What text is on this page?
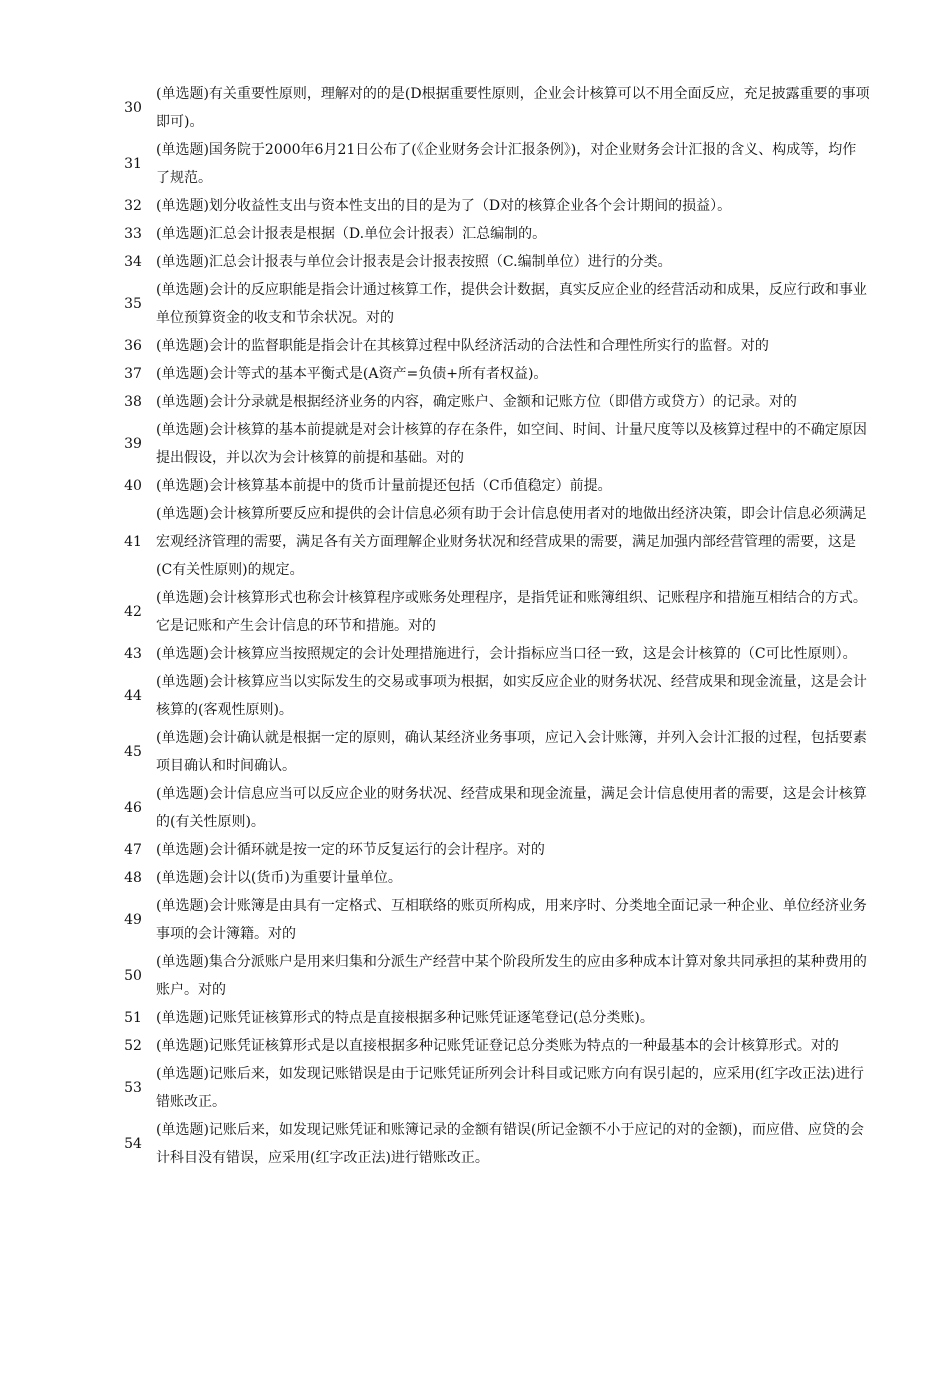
30
(单选题)有关重要性原则，理解对的的是(D根据重要性原则，企业会计核算可以不用全面反应，充足披露重要的事项即可)。
31
(单选题)国务院于2000年6月21日公布了(《企业财务会计汇报条例》)，对企业财务会计汇报的含义、构成等，均作了规范。
32	(单选题)划分收益性支出与资本性支出的目的是为了（D对的核算企业各个会计期间的损益）。
33	(单选题)汇总会计报表是根据（D.单位会计报表）汇总编制的。
34	(单选题)汇总会计报表与单位会计报表是会计报表按照（C.编制单位）进行的分类。
35
(单选题)会计的反应职能是指会计通过核算工作，提供会计数据，真实反应企业的经营活动和成果，反应行政和事业单位预算资金的收支和节余状况。对的
36	(单选题)会计的监督职能是指会计在其核算过程中队经济活动的合法性和合理性所实行的监督。对的
37	(单选题)会计等式的基本平衡式是(A资产=负债+所有者权益)。
38	(单选题)会计分录就是根据经济业务的内容，确定账户、金额和记账方位（即借方或贷方）的记录。对的
39
(单选题)会计核算的基本前提就是对会计核算的存在条件，如空间、时间、计量尺度等以及核算过程中的不确定原因提出假设，并以次为会计核算的前提和基础。对的
40	(单选题)会计核算基本前提中的货币计量前提还包括（C币值稳定）前提。
41
(单选题)会计核算所要反应和提供的会计信息必须有助于会计信息使用者对的地做出经济决策，即会计信息必须满足宏观经济管理的需要，满足各有关方面理解企业财务状况和经营成果的需要，满足加强内部经营管理的需要，这是(C有关性原则)的规定。
42
(单选题)会计核算形式也称会计核算程序或账务处理程序，是指凭证和账簿组织、记账程序和措施互相结合的方式。它是记账和产生会计信息的环节和措施。对的
43	(单选题)会计核算应当按照规定的会计处理措施进行，会计指标应当口径一致，这是会计核算的（C可比性原则）。
44
(单选题)会计核算应当以实际发生的交易或事项为根据，如实反应企业的财务状况、经营成果和现金流量，这是会计核算的(客观性原则)。
45
(单选题)会计确认就是根据一定的原则，确认某经济业务事项，应记入会计账簿，并列入会计汇报的过程，包括要素项目确认和时间确认。
46
(单选题)会计信息应当可以反应企业的财务状况、经营成果和现金流量，满足会计信息使用者的需要，这是会计核算的(有关性原则)。
47	(单选题)会计循环就是按一定的环节反复运行的会计程序。对的
48	(单选题)会计以(货币)为重要计量单位。
49
(单选题)会计账簿是由具有一定格式、互相联络的账页所构成，用来序时、分类地全面记录一种企业、单位经济业务事项的会计簿籍。对的
50
(单选题)集合分派账户是用来归集和分派生产经营中某个阶段所发生的应由多种成本计算对象共同承担的某种费用的账户。对的
51	(单选题)记账凭证核算形式的特点是直接根据多种记账凭证逐笔登记(总分类账)。
52	(单选题)记账凭证核算形式是以直接根据多种记账凭证登记总分类账为特点的一种最基本的会计核算形式。对的
53
(单选题)记账后来，如发现记账错误是由于记账凭证所列会计科目或记账方向有误引起的，应采用(红字改正法)进行错账改正。
54
(单选题)记账后来，如发现记账凭证和账簿记录的金额有错误(所记金额不小于应记的对的金额)，而应借、应贷的会计科目没有错误，应采用(红字改正法)进行错账改正。
